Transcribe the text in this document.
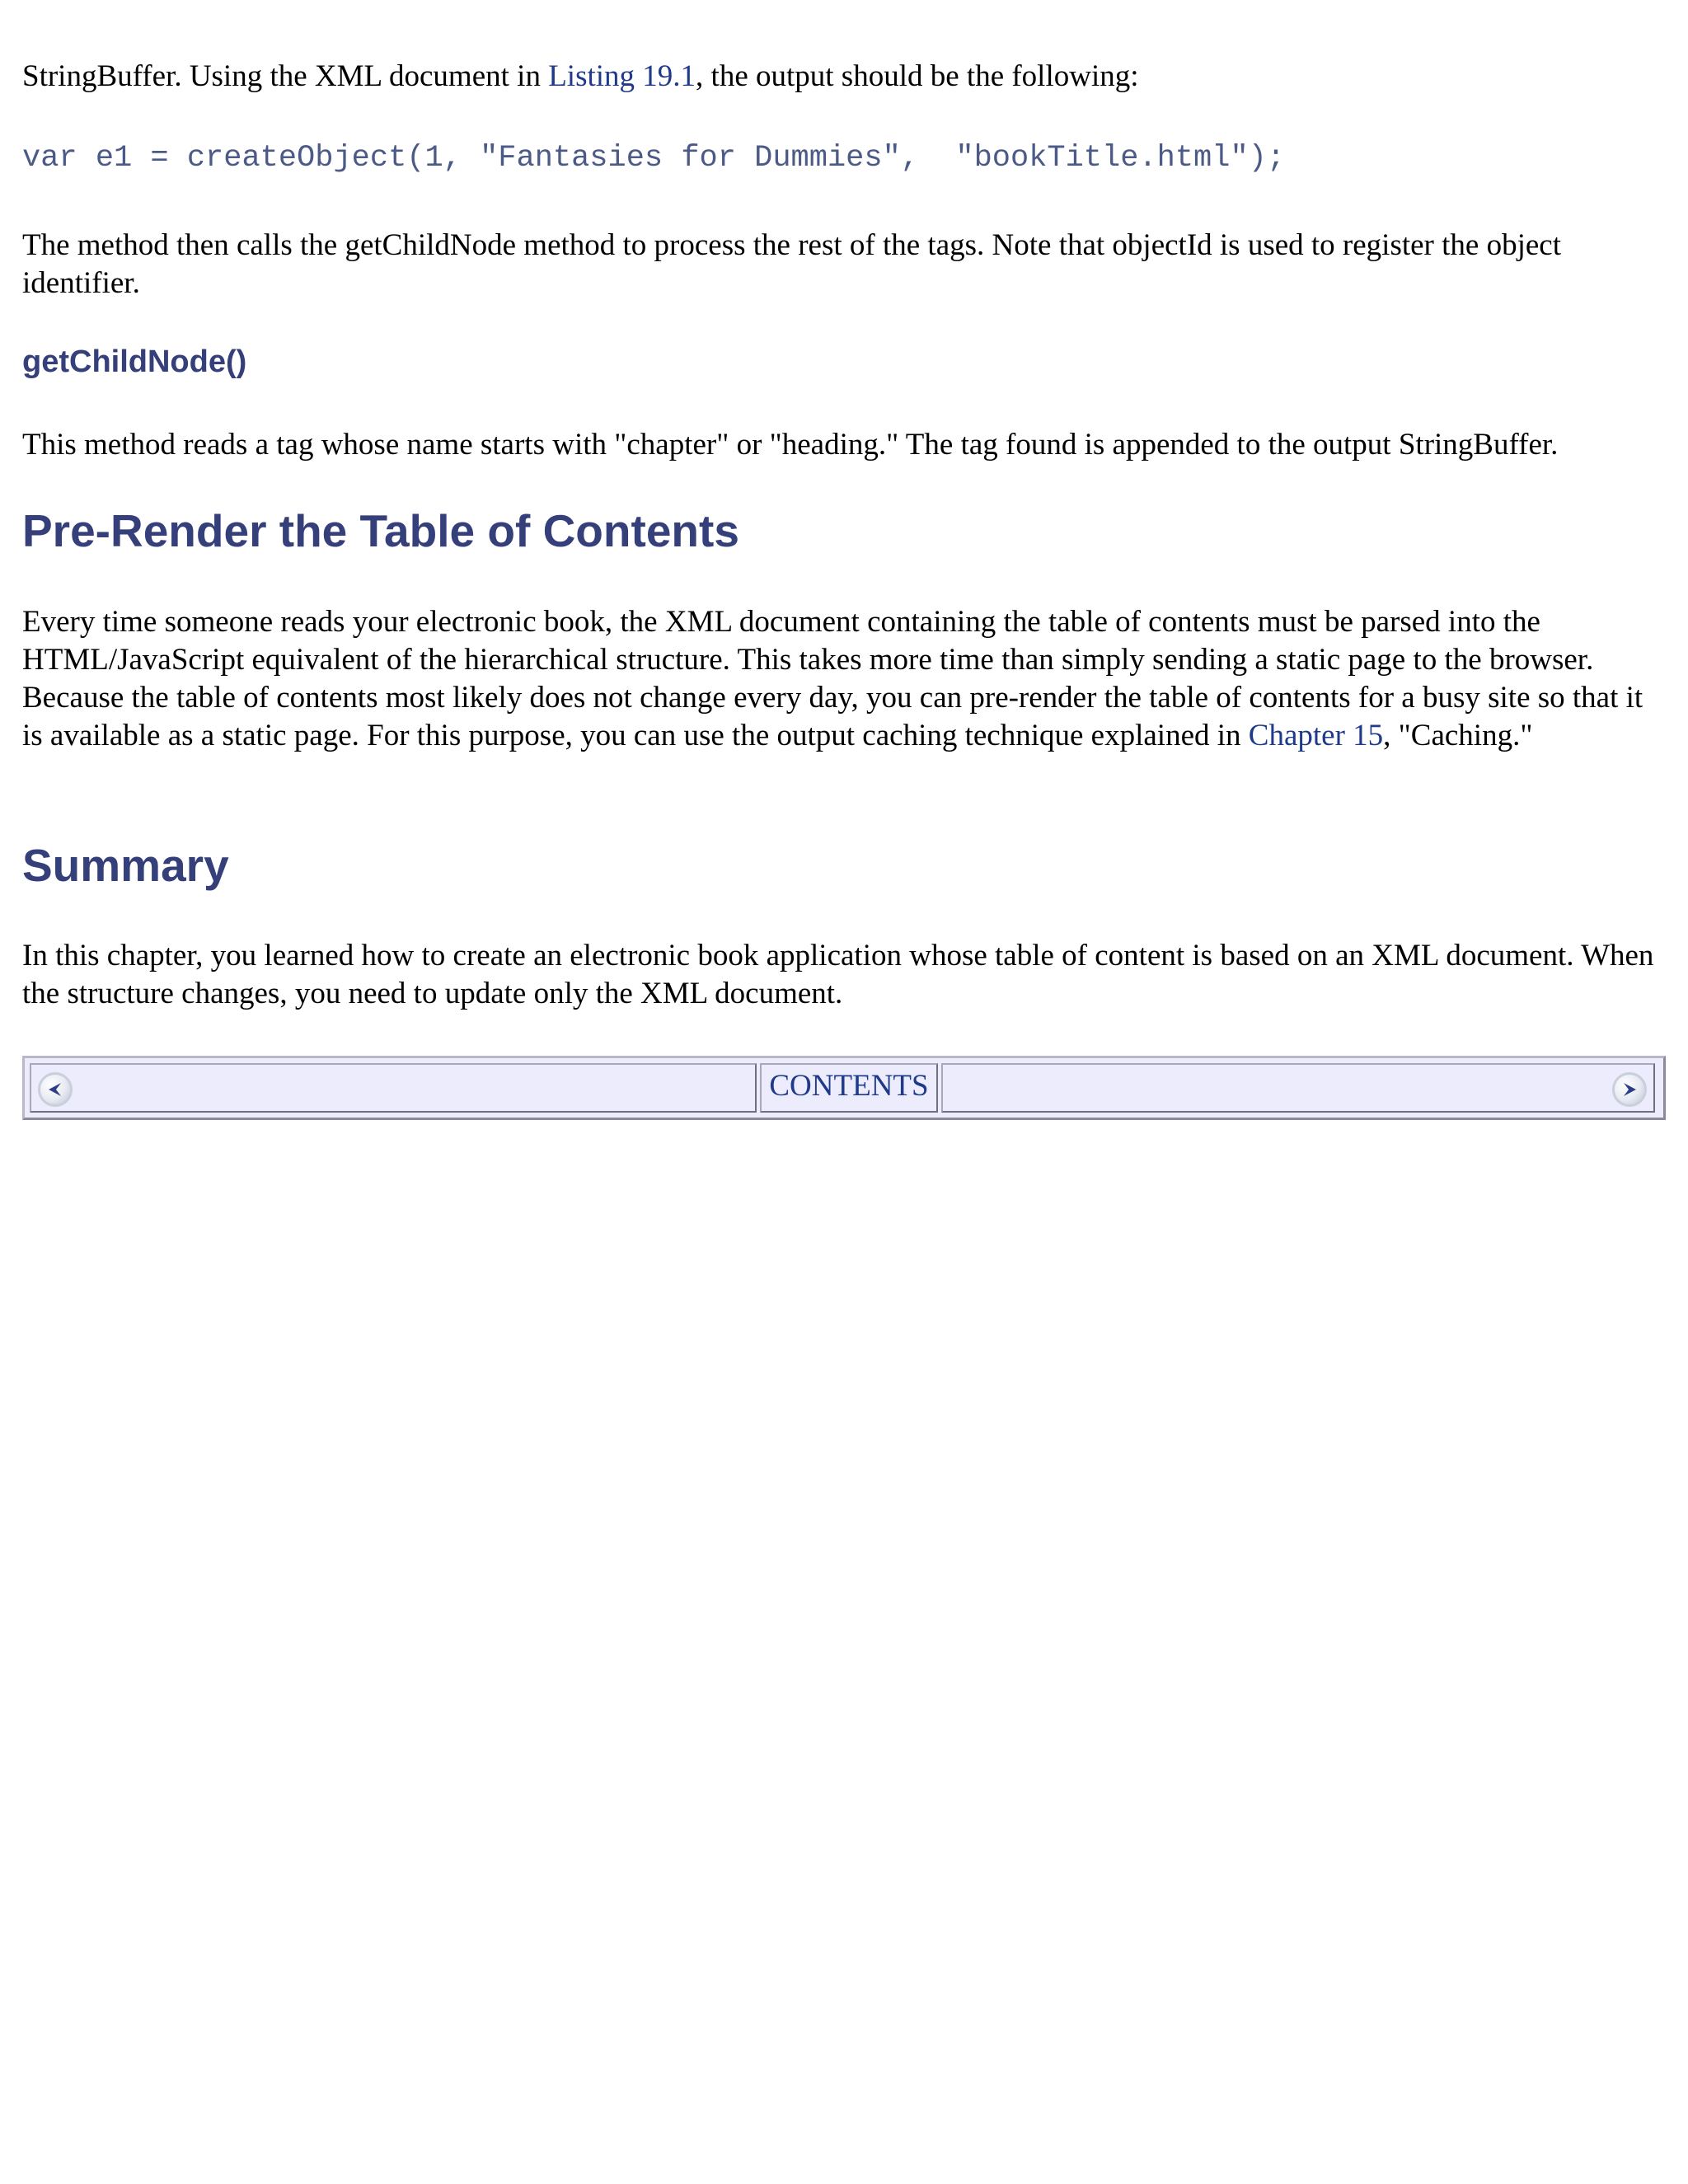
StringBuffer. Using the XML document in Listing 19.1, the output should be the following:

var e1 = createObject(1, "Fantasies for Dummies",  "bookTitle.html");

The method then calls the getChildNode method to process the rest of the tags. Note that objectId is used to register the object identifier.

getChildNode()

This method reads a tag whose name starts with "chapter" or "heading." The tag found is appended to the output StringBuffer.

Pre-Render the Table of Contents

Every time someone reads your electronic book, the XML document containing the table of contents must be parsed into the HTML/JavaScript equivalent of the hierarchical structure. This takes more time than simply sending a static page to the browser. Because the table of contents most likely does not change every day, you can pre-render the table of contents for a busy site so that it is available as a static page. For this purpose, you can use the output caching technique explained in Chapter 15, "Caching."

Summary

In this chapter, you learned how to create an electronic book application whose table of content is based on an XML document. When the structure changes, you need to update only the XML document.

CONTENTS
